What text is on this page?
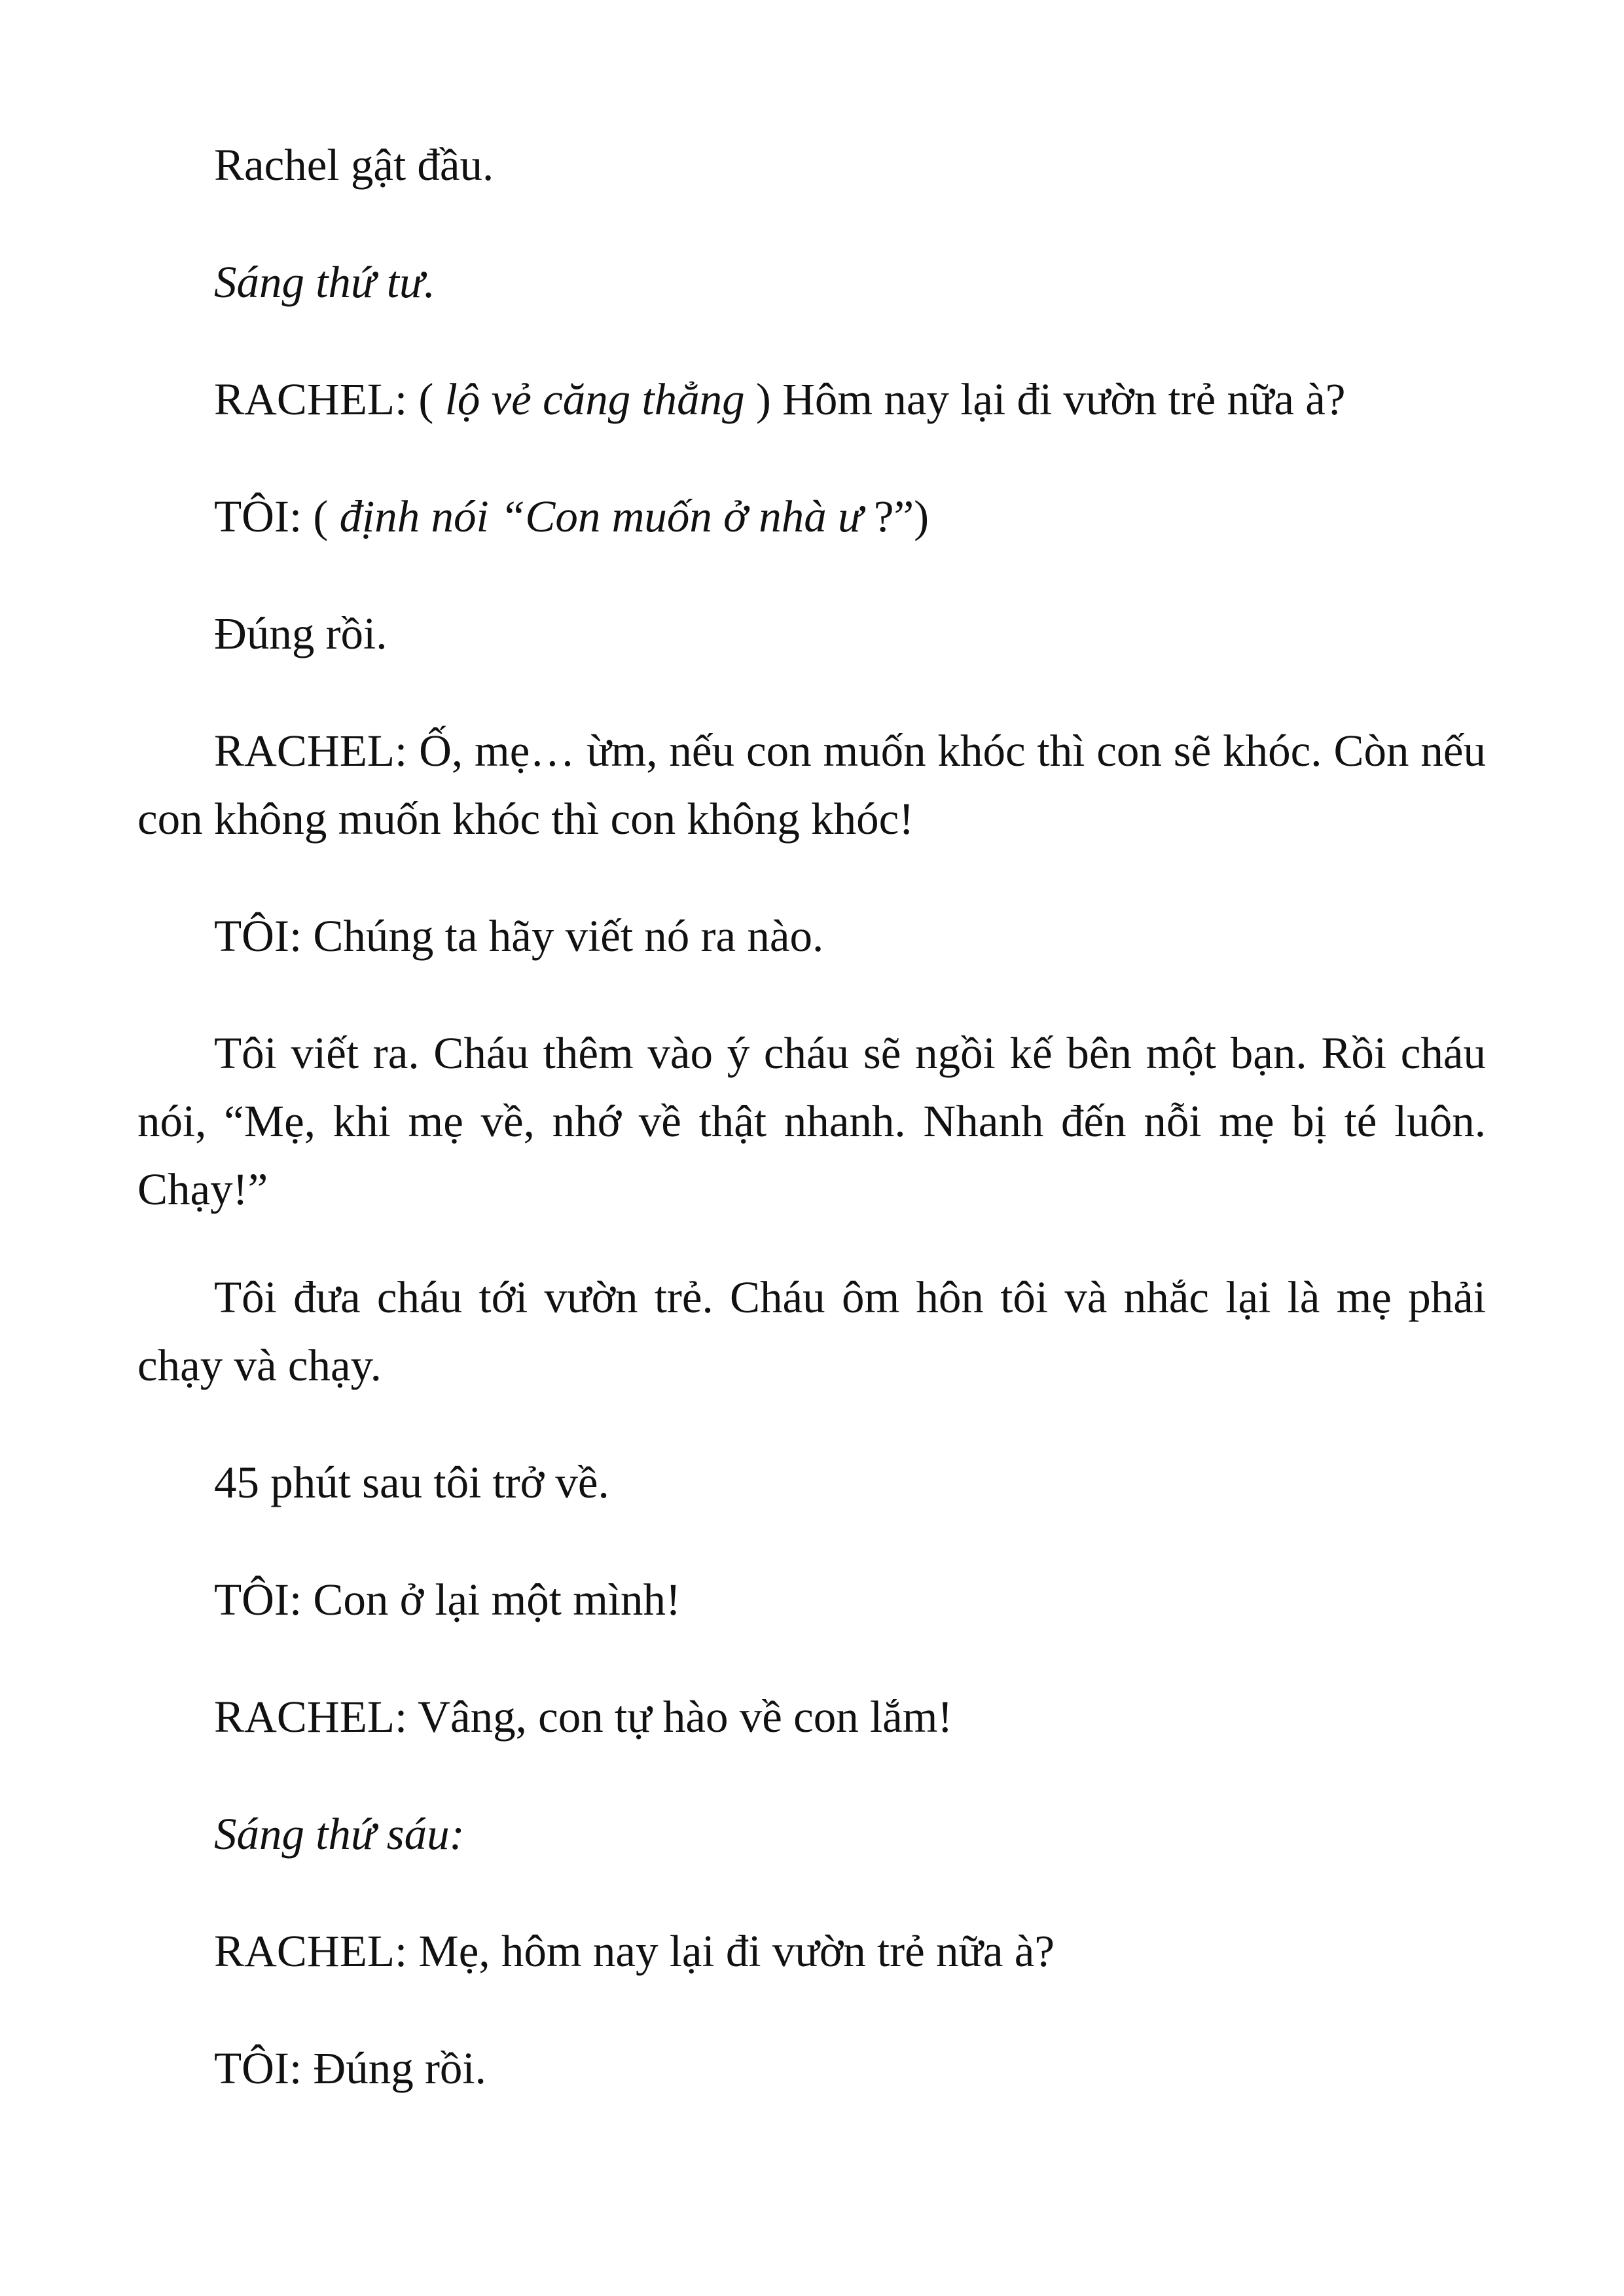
Rachel gật đầu.

Sáng thứ tư.

RACHEL: ( lộ vẻ căng thẳng ) Hôm nay lại đi vườn trẻ nữa à?

TÔI: ( định nói “Con muốn ở nhà ư ?”)

Đúng rồi.

RACHEL: Ố, mẹ… ừm, nếu con muốn khóc thì con sẽ khóc. Còn nếu con không muốn khóc thì con không khóc!

TÔI: Chúng ta hãy viết nó ra nào.

Tôi viết ra. Cháu thêm vào ý cháu sẽ ngồi kế bên một bạn. Rồi cháu nói, “Mẹ, khi mẹ về, nhớ về thật nhanh. Nhanh đến nỗi mẹ bị té luôn. Chạy!”

Tôi đưa cháu tới vườn trẻ. Cháu ôm hôn tôi và nhắc lại là mẹ phải chạy và chạy.

45 phút sau tôi trở về.

TÔI: Con ở lại một mình!

RACHEL: Vâng, con tự hào về con lắm!

Sáng thứ sáu:

RACHEL: Mẹ, hôm nay lại đi vườn trẻ nữa à?

TÔI: Đúng rồi.
